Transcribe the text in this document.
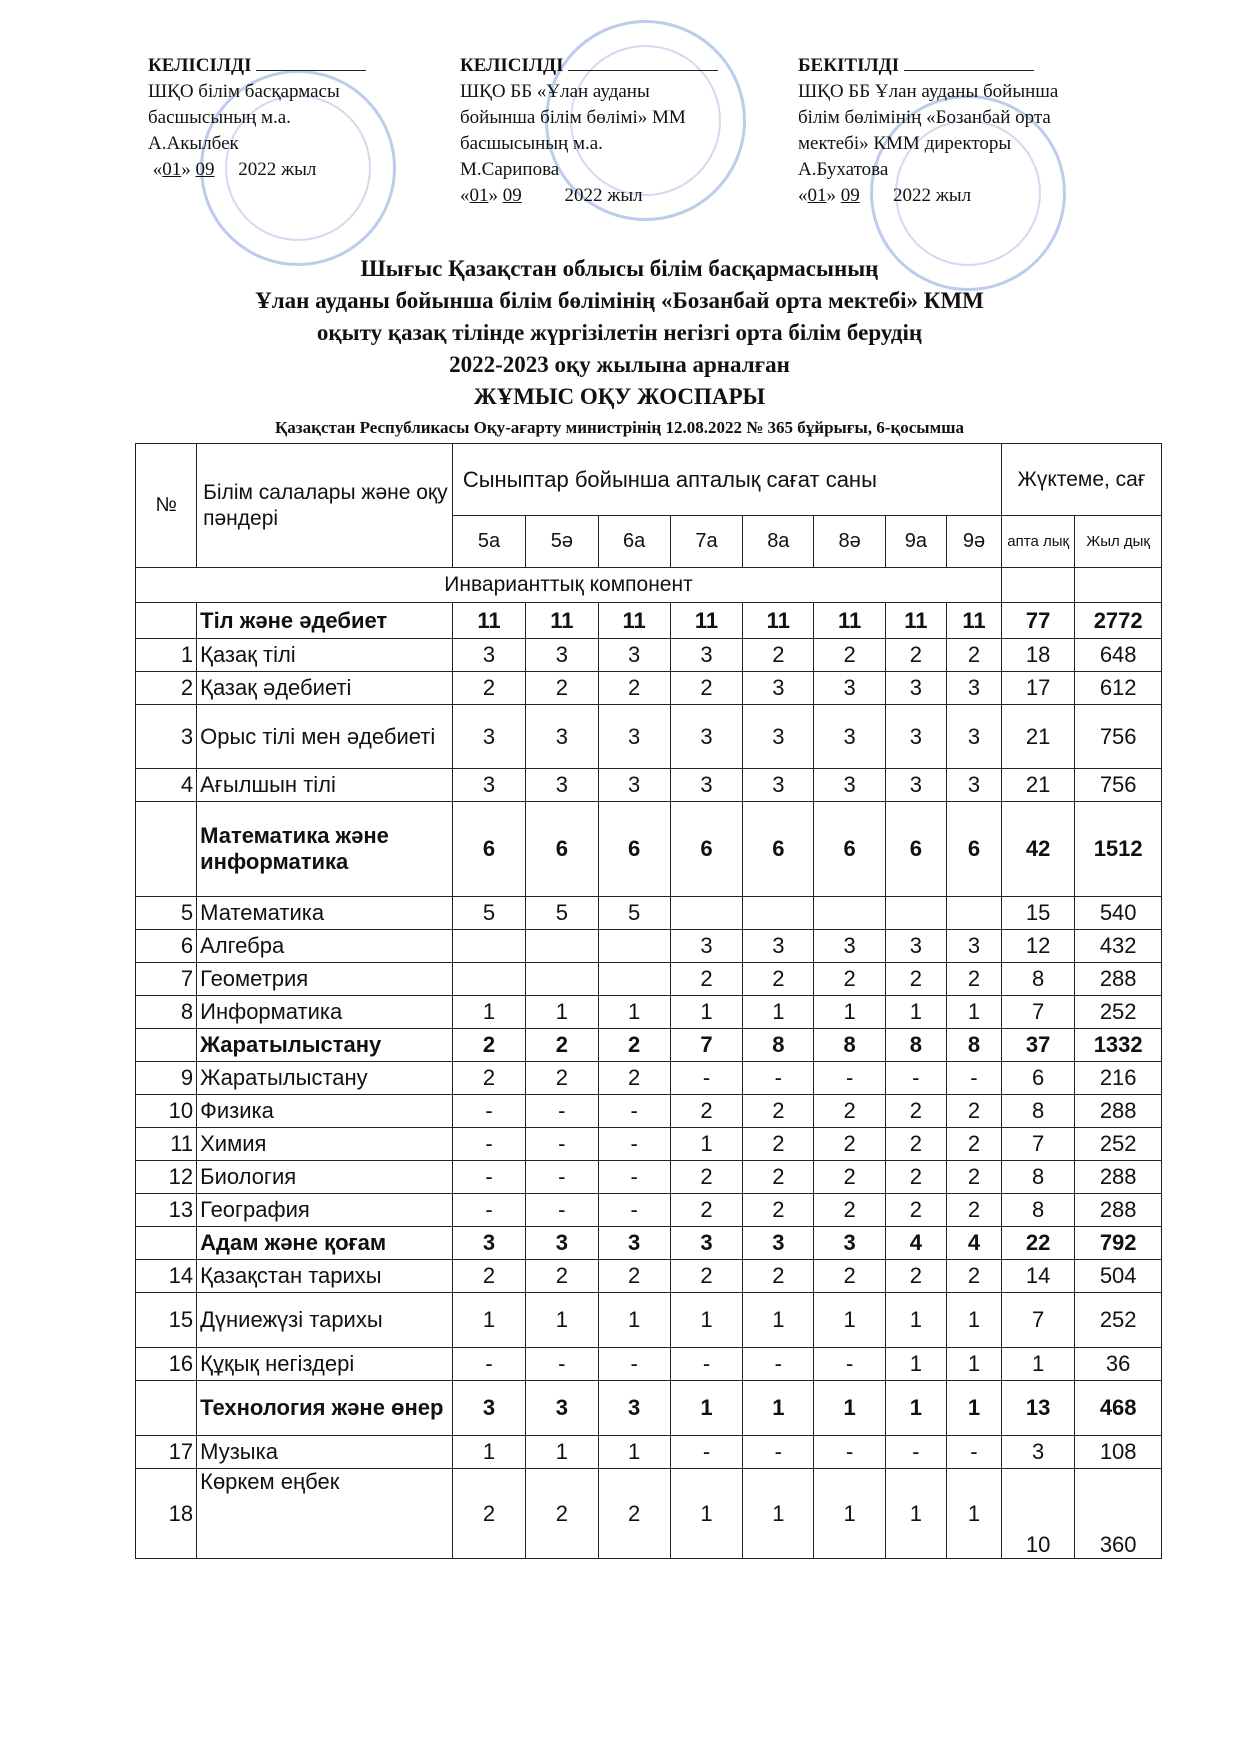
КЕЛІСІЛДІ
ШҚО білім басқармасы
басшысының м.а.
А.Акылбек
«01» 09 2022 жыл
КЕЛІСІЛДІ
ШҚО ББ «Ұлан ауданы
бойынша білім бөлімі» ММ
басшысының м.а.
М.Сарипова
«01» 09 2022 жыл
БЕКІТІЛДІ
ШҚО ББ Ұлан ауданы бойынша
білім бөлімінің «Бозанбай орта
мектебі» КММ директоры
А.Бухатова
«01» 09 2022 жыл
Шығыс Қазақстан облысы білім басқармасының
Ұлан ауданы бойынша білім бөлімінің «Бозанбай орта мектебі» КММ
оқыту қазақ тілінде жүргізілетін негізгі орта білім берудің
2022-2023 оқу жылына арналған
ЖҰМЫС ОҚУ ЖОСПАРЫ
Қазақстан Республикасы Оқу-ағарту министрінің 12.08.2022 № 365 бұйрығы, 6-қосымша
№	Білім салалары және оқу пәндері	Сыныптар бойынша апталық сағат саны								Жүктеме, сағ	
		5а	5ә	6а	7а	8а	8ә	9а	9ә	апта лық	Жыл дық
Инварианттық компонент											
	Тіл және әдебиет	11	11	11	11	11	11	11	11	77	2772
1	Қазақ тілі	3	3	3	3	2	2	2	2	18	648
2	Қазақ әдебиеті	2	2	2	2	3	3	3	3	17	612
3	Орыс тілі мен әдебиеті	3	3	3	3	3	3	3	3	21	756
4	Ағылшын тілі	3	3	3	3	3	3	3	3	21	756
	Математика және информатика	6	6	6	6	6	6	6	6	42	1512
5	Математика	5	5	5						15	540
6	Алгебра				3	3	3	3	3	12	432
7	Геометрия				2	2	2	2	2	8	288
8	Информатика	1	1	1	1	1	1	1	1	7	252
	Жаратылыстану	2	2	2	7	8	8	8	8	37	1332
9	Жаратылыстану	2	2	2	-	-	-	-	-	6	216
10	Физика	-	-	-	2	2	2	2	2	8	288
11	Химия	-	-	-	1	2	2	2	2	7	252
12	Биология	-	-	-	2	2	2	2	2	8	288
13	География	-	-	-	2	2	2	2	2	8	288
	Адам және қоғам	3	3	3	3	3	3	4	4	22	792
14	Қазақстан тарихы	2	2	2	2	2	2	2	2	14	504
15	Дүниежүзі тарихы	1	1	1	1	1	1	1	1	7	252
16	Құқық негіздері	-	-	-	-	-	-	1	1	1	36
	Технология және өнер	3	3	3	1	1	1	1	1	13	468
17	Музыка	1	1	1	-	-	-	-	-	3	108
18	Көркем еңбек	2	2	2	1	1	1	1	1	10	360
